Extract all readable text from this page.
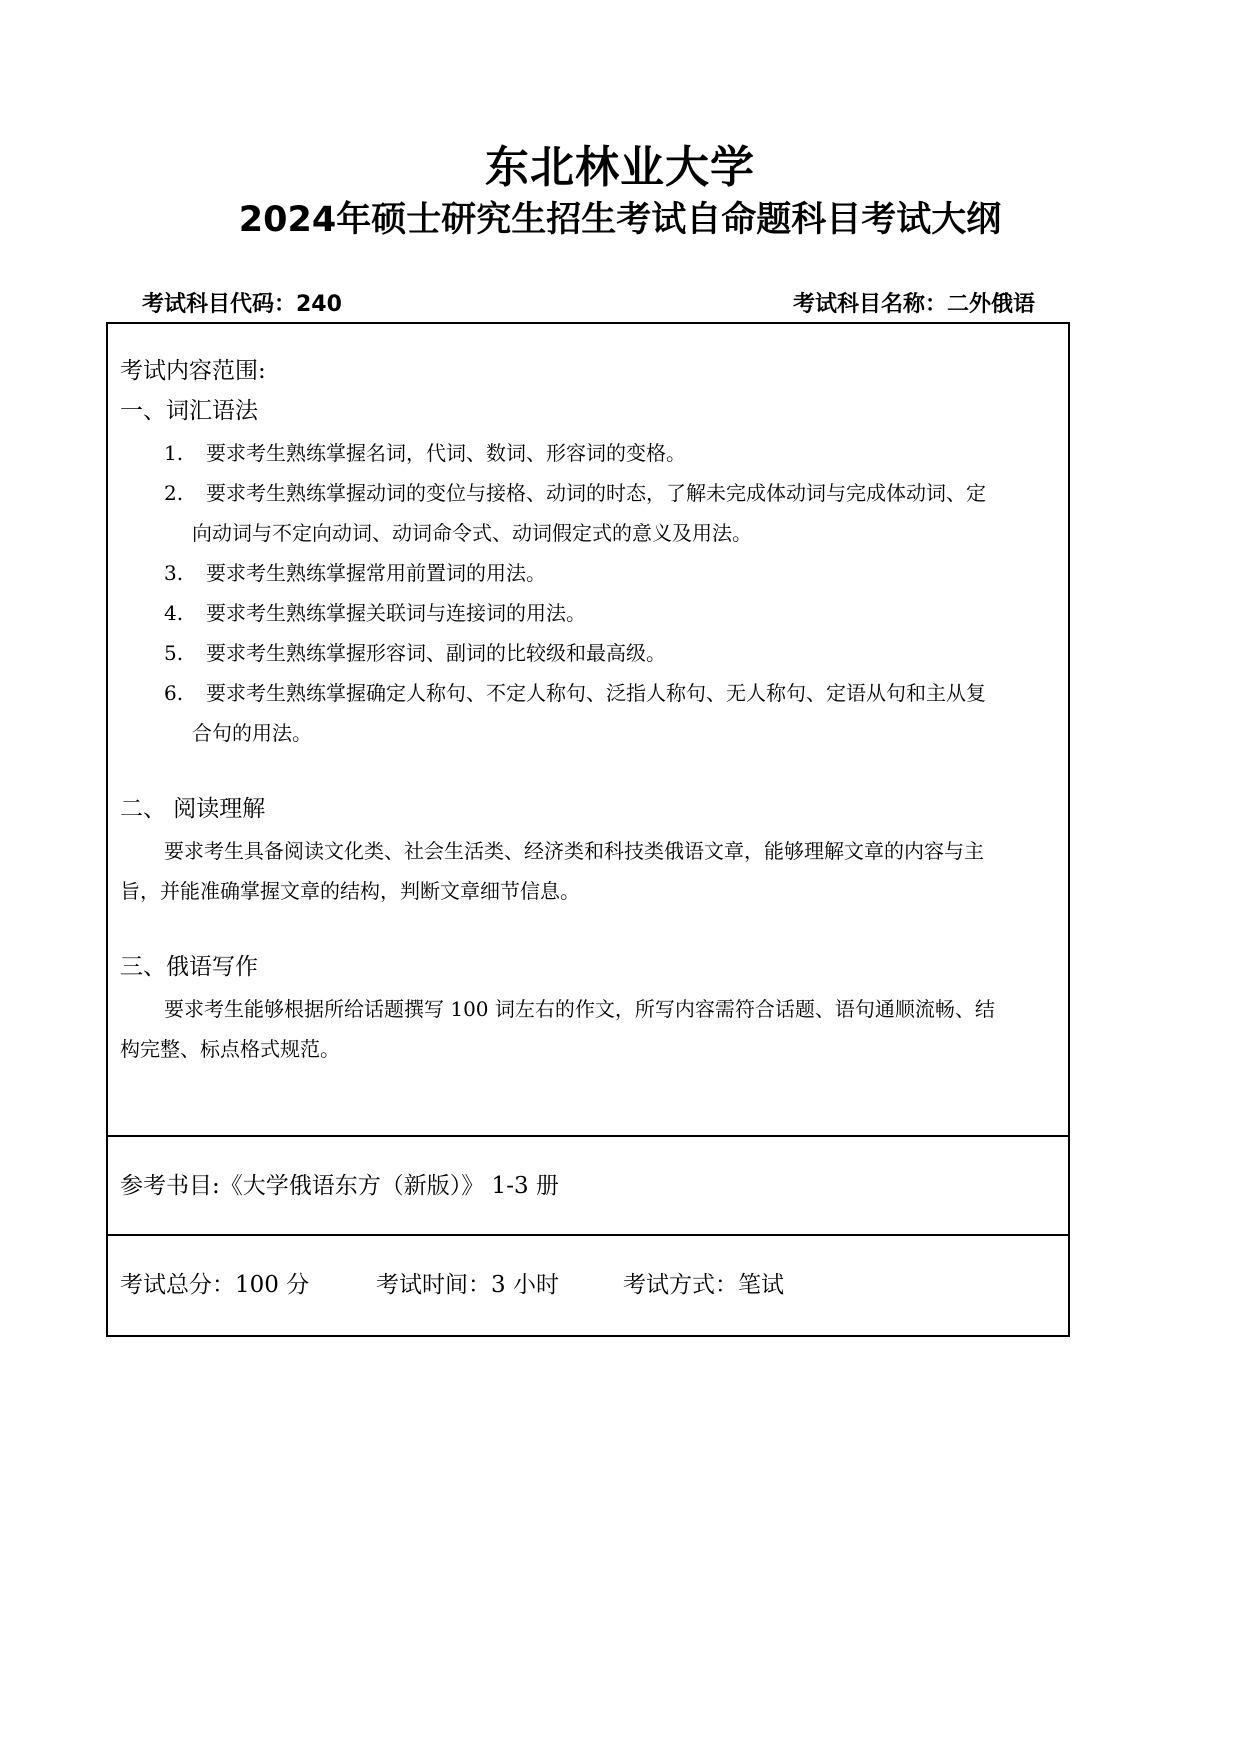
东北林业大学
2024年硕士研究生招生考试自命题科目考试大纲
考试科目代码：240	考试科目名称：二外俄语
考试内容范围:
一、词汇语法
1. 要求考生熟练掌握名词，代词、数词、形容词的变格。
2. 要求考生熟练掌握动词的变位与接格、动词的时态，了解未完成体动词与完成体动词、定
向动词与不定向动词、动词命令式、动词假定式的意义及用法。
3. 要求考生熟练掌握常用前置词的用法。
4. 要求考生熟练掌握关联词与连接词的用法。
5. 要求考生熟练掌握形容词、副词的比较级和最高级。
6. 要求考生熟练掌握确定人称句、不定人称句、泛指人称句、无人称句、定语从句和主从复
合句的用法。
二、 阅读理解
要求考生具备阅读文化类、社会生活类、经济类和科技类俄语文章，能够理解文章的内容与主
旨，并能准确掌握文章的结构，判断文章细节信息。
三、俄语写作
要求考生能够根据所给话题撰写 100 词左右的作文，所写内容需符合话题、语句通顺流畅、结
构完整、标点格式规范。
参考书目:《大学俄语东方（新版）》 1-3 册
考试总分：100 分	考试时间：3 小时	考试方式：笔试
